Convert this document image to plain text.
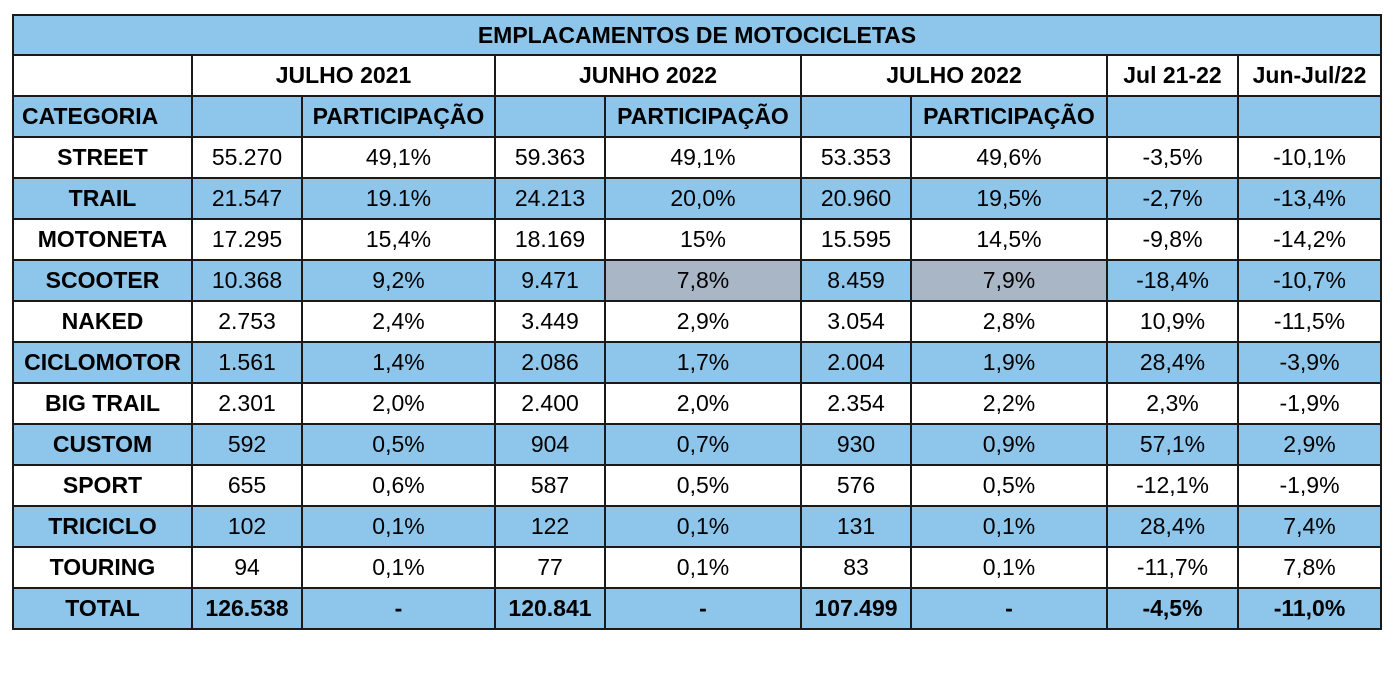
EMPLACAMENTOS DE MOTOCICLETAS								
	JULHO 2021		JUNHO 2022		JULHO 2022		Jul 21-22	Jun-Jul/22
CATEGORIA		PARTICIPAÇÃO		PARTICIPAÇÃO		PARTICIPAÇÃO		
STREET	55.270	49,1%	59.363	49,1%	53.353	49,6%	-3,5%	-10,1%
TRAIL	21.547	19.1%	24.213	20,0%	20.960	19,5%	-2,7%	-13,4%
MOTONETA	17.295	15,4%	18.169	15%	15.595	14,5%	-9,8%	-14,2%
SCOOTER	10.368	9,2%	9.471	7,8%	8.459	7,9%	-18,4%	-10,7%
NAKED	2.753	2,4%	3.449	2,9%	3.054	2,8%	10,9%	-11,5%
CICLOMOTOR	1.561	1,4%	2.086	1,7%	2.004	1,9%	28,4%	-3,9%
BIG TRAIL	2.301	2,0%	2.400	2,0%	2.354	2,2%	2,3%	-1,9%
CUSTOM	592	0,5%	904	0,7%	930	0,9%	57,1%	2,9%
SPORT	655	0,6%	587	0,5%	576	0,5%	-12,1%	-1,9%
TRICICLO	102	0,1%	122	0,1%	131	0,1%	28,4%	7,4%
TOURING	94	0,1%	77	0,1%	83	0,1%	-11,7%	7,8%
TOTAL	126.538	-	120.841	-	107.499	-	-4,5%	-11,0%
